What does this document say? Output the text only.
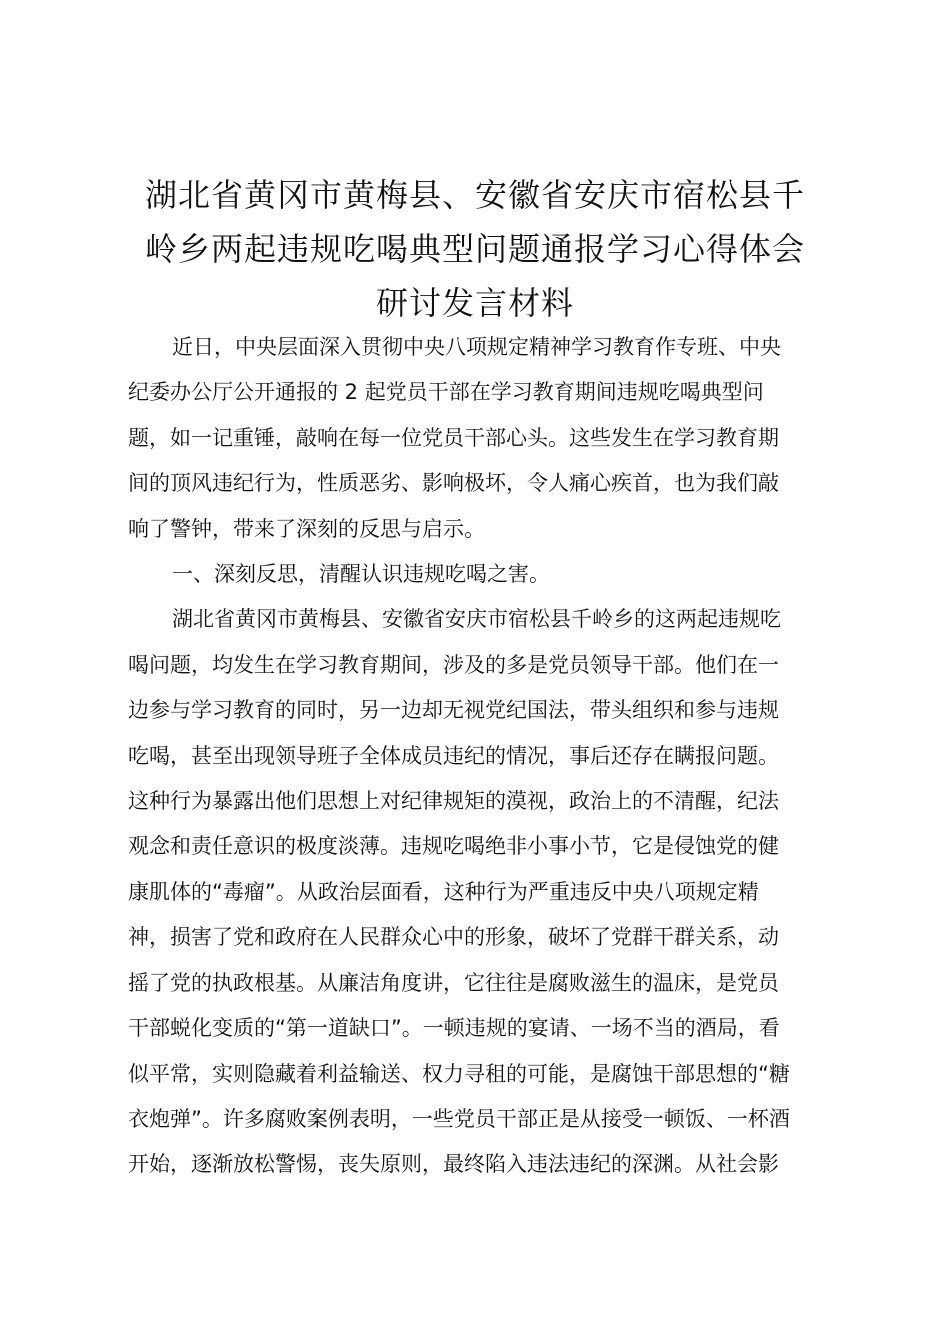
湖北省黄冈市黄梅县、安徽省安庆市宿松县千
岭乡两起违规吃喝典型问题通报学习心得体会
研讨发言材料

近日，中央层面深入贯彻中央八项规定精神学习教育作专班、中央
纪委办公厅公开通报的 2 起党员干部在学习教育期间违规吃喝典型问
题，如一记重锤，敲响在每一位党员干部心头。这些发生在学习教育期
间的顶风违纪行为，性质恶劣、影响极坏，令人痛心疾首，也为我们敲
响了警钟，带来了深刻的反思与启示。

一、深刻反思，清醒认识违规吃喝之害。

湖北省黄冈市黄梅县、安徽省安庆市宿松县千岭乡的这两起违规吃
喝问题，均发生在学习教育期间，涉及的多是党员领导干部。他们在一
边参与学习教育的同时，另一边却无视党纪国法，带头组织和参与违规
吃喝，甚至出现领导班子全体成员违纪的情况，事后还存在瞒报问题。
这种行为暴露出他们思想上对纪律规矩的漠视，政治上的不清醒，纪法
观念和责任意识的极度淡薄。违规吃喝绝非小事小节，它是侵蚀党的健
康肌体的“毒瘤”。从政治层面看，这种行为严重违反中央八项规定精
神，损害了党和政府在人民群众心中的形象，破坏了党群干群关系，动
摇了党的执政根基。从廉洁角度讲，它往往是腐败滋生的温床，是党员
干部蜕化变质的“第一道缺口”。一顿违规的宴请、一场不当的酒局，看
似平常，实则隐藏着利益输送、权力寻租的可能，是腐蚀干部思想的“糖
衣炮弹”。许多腐败案例表明，一些党员干部正是从接受一顿饭、一杯酒
开始，逐渐放松警惕，丧失原则，最终陷入违法违纪的深渊。从社会影
